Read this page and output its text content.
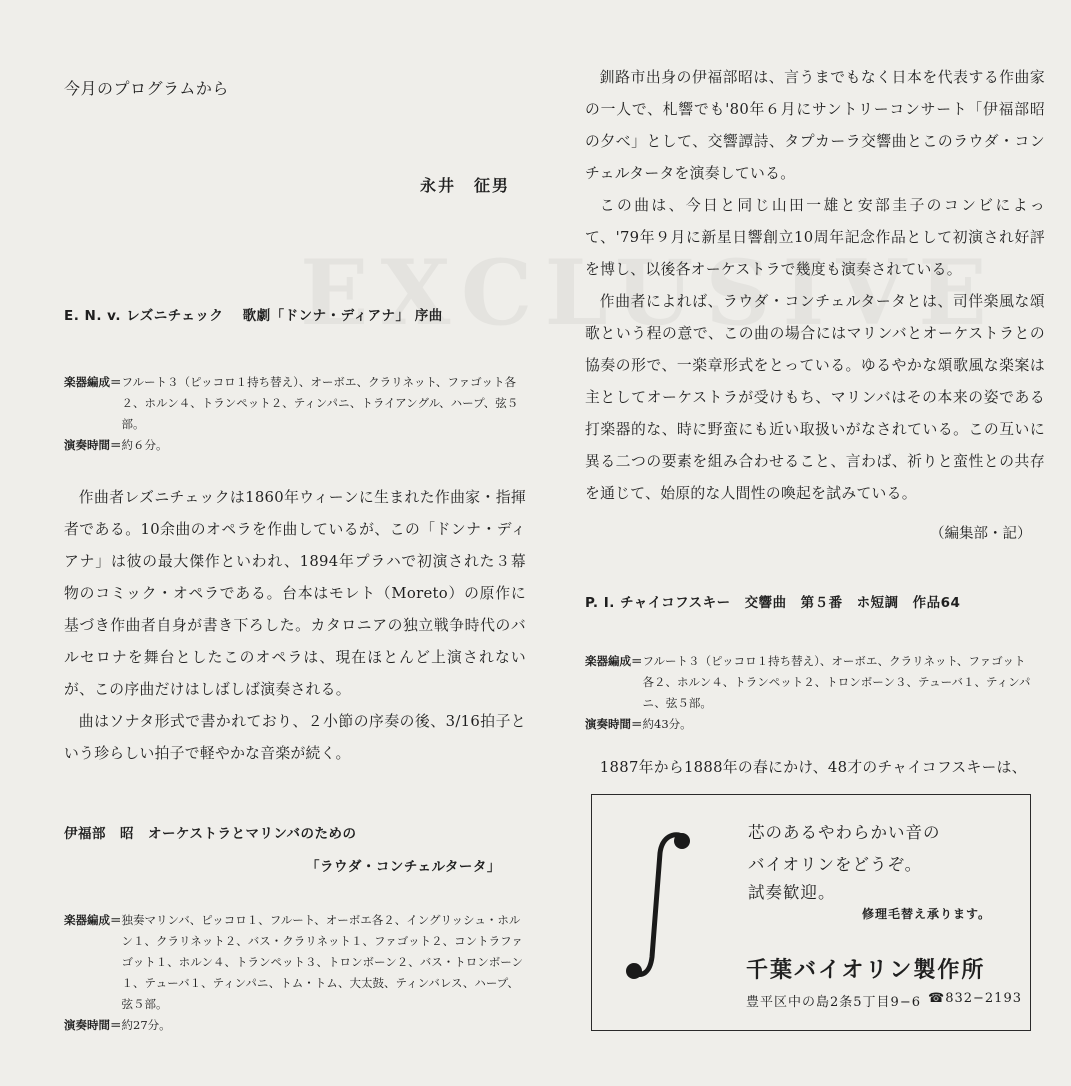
今月のプログラムから
永井　征男
E. N. v. レズニチェック　 歌劇「ドンナ・ディアナ」 序曲
楽器編成＝ フルート３（ピッコロ１持ち替え）、オーボエ、クラリネット、ファゴット各２、ホルン４、トランペット２、ティンパニ、トライアングル、ハープ、弦５部。
演奏時間＝ 約６分。

作曲者レズニチェックは1860年ウィーンに生まれた作曲家・指揮者である。10余曲のオペラを作曲しているが、この「ドンナ・ディアナ」は彼の最大傑作といわれ、1894年プラハで初演された３幕物のコミック・オペラである。台本はモレト（Moreto）の原作に基づき作曲者自身が書き下ろした。カタロニアの独立戦争時代のバルセロナを舞台としたこのオペラは、現在ほとんど上演されないが、この序曲だけはしばしば演奏される。

曲はソナタ形式で書かれており、２小節の序奏の後、3/16拍子という珍らしい拍子で軽やかな音楽が続く。

伊福部　昭　オーケストラとマリンバのための
「ラウダ・コンチェルタータ」
楽器編成＝ 独奏マリンバ、ピッコロ１、フルート、オーボエ各２、イングリッシュ・ホルン１、クラリネット２、バス・クラリネット１、ファゴット２、コントラファゴット１、ホルン４、トランペット３、トロンボーン２、バス・トロンボーン１、テューバ１、ティンパニ、トム・トム、大太鼓、ティンバレス、ハープ、弦５部。
演奏時間＝ 約27分。

釧路市出身の伊福部昭は、言うまでもなく日本を代表する作曲家の一人で、札響でも'80年６月にサントリーコンサート「伊福部昭の夕べ」として、交響譚詩、タプカーラ交響曲とこのラウダ・コンチェルタータを演奏している。

この曲は、今日と同じ山田一雄と安部圭子のコンビによって、'79年９月に新星日響創立10周年記念作品として初演され好評を博し、以後各オーケストラで幾度も演奏されている。

作曲者によれば、ラウダ・コンチェルタータとは、司伴楽風な頌歌という程の意で、この曲の場合にはマリンバとオーケストラとの協奏の形で、一楽章形式をとっている。ゆるやかな頌歌風な楽案は主としてオーケストラが受けもち、マリンバはその本来の姿である打楽器的な、時に野蛮にも近い取扱いがなされている。この互いに異る二つの要素を組み合わせること、言わば、祈りと蛮性との共存を通じて、始原的な人間性の喚起を試みている。

（編集部・記）
P. I. チャイコフスキー　交響曲　第５番　ホ短調　作品64
楽器編成＝ フルート３（ピッコロ１持ち替え）、オーボエ、クラリネット、ファゴット各２、ホルン４、トランペット２、トロンボーン３、テューバ１、ティンパニ、弦５部。
演奏時間＝ 約43分。

1887年から1888年の春にかけ、48才のチャイコフスキーは、

芯のあるやわらかい音の
バイオリンをどうぞ。
試奏歓迎。
修理毛替え承ります。
千葉バイオリン製作所
豊平区中の島2条5丁目9−6 ☎832−2193
